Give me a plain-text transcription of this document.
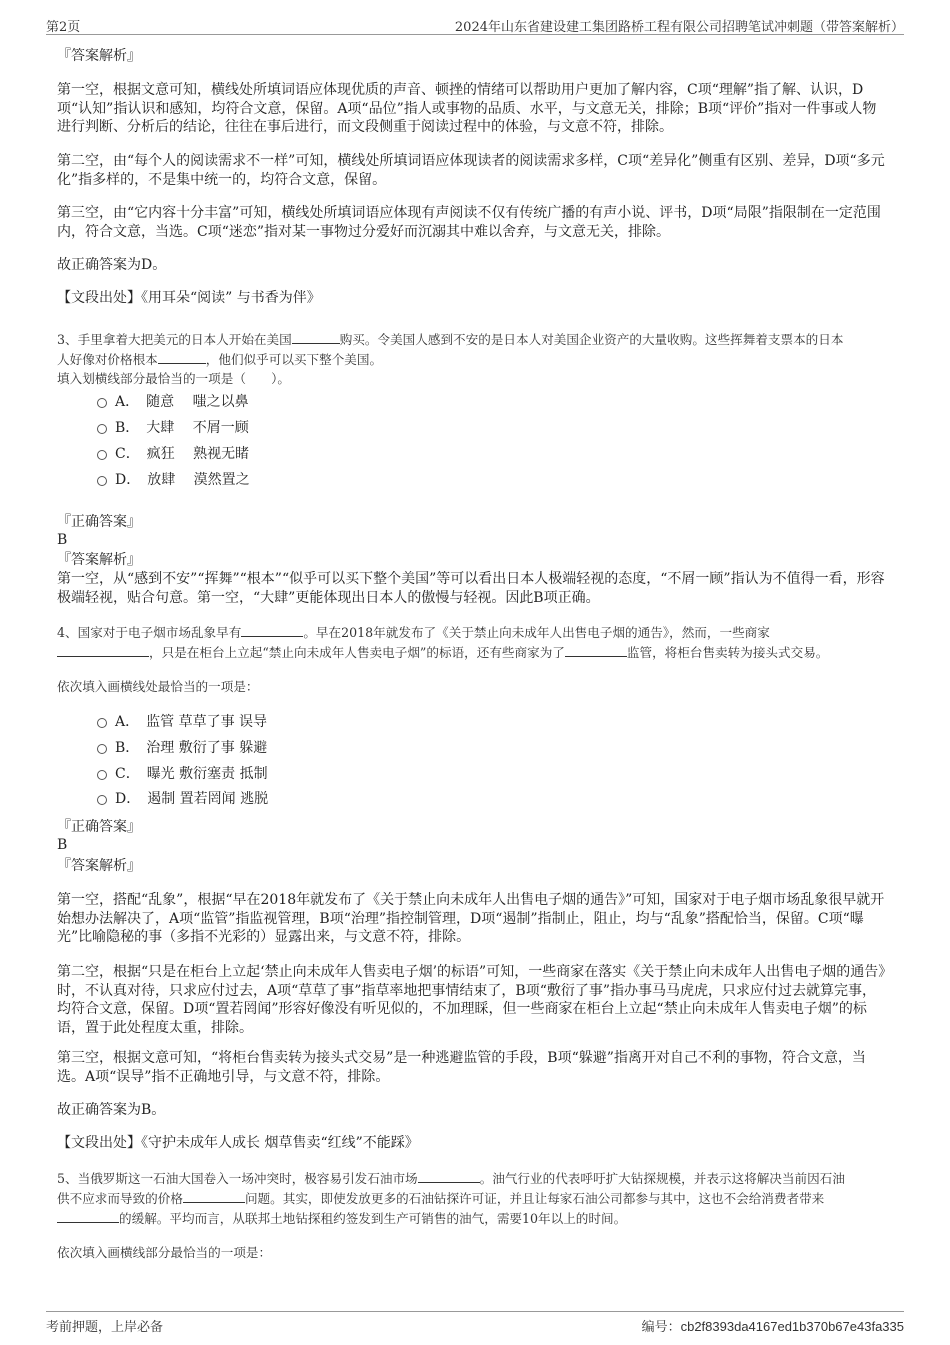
第2页	2024年山东省建设建工集团路桥工程有限公司招聘笔试冲刺题（带答案解析）
『答案解析』
第一空，根据文意可知，横线处所填词语应体现优质的声音、顿挫的情绪可以帮助用户更加了解内容，C项“理解”指了解、认识，D项“认知”指认识和感知，均符合文意，保留。A项“品位”指人或事物的品质、水平，与文意无关，排除；B项“评价”指对一件事或人物进行判断、分析后的结论，往往在事后进行，而文段侧重于阅读过程中的体验，与文意不符，排除。
第二空，由“每个人的阅读需求不一样”可知，横线处所填词语应体现读者的阅读需求多样，C项“差异化”侧重有区别、差异，D项“多元化”指多样的，不是集中统一的，均符合文意，保留。
第三空，由“它内容十分丰富”可知，横线处所填词语应体现有声阅读不仅有传统广播的有声小说、评书，D项“局限”指限制在一定范围内，符合文意，当选。C项“迷恋”指对某一事物过分爱好而沉溺其中难以舍弃，与文意无关，排除。
故正确答案为D。
【文段出处】《用耳朵“阅读” 与书香为伴》
3、手里拿着大把美元的日本人开始在美国	购买。令美国人感到不安的是日本人对美国企业资产的大量收购。这些挥舞着支票本的日本
人好像对价格根本	，他们似乎可以买下整个美国。
填入划横线部分最恰当的一项是（　　）。
A．　 随意　 嗤之以鼻
B．　 大肆　 不屑一顾
C．　 疯狂　 熟视无睹
D．　 放肆　 漠然置之
『正确答案』
B
『答案解析』
第一空，从“感到不安”“挥舞”“根本”“似乎可以买下整个美国”等可以看出日本人极端轻视的态度，“不屑一顾”指认为不值得一看，形容极端轻视，贴合句意。第一空，“大肆”更能体现出日本人的傲慢与轻视。因此B项正确。
4、国家对于电子烟市场乱象早有	。早在2018年就发布了《关于禁止向未成年人出售电子烟的通告》，然而，一些商家
，只是在柜台上立起“禁止向未成年人售卖电子烟”的标语，还有些商家为了	监管，将柜台售卖转为接头式交易。
依次填入画横线处最恰当的一项是：
A．　 监管 草草了事 误导
B．　 治理 敷衍了事 躲避
C．　 曝光 敷衍塞责 抵制
D．　 遏制 置若罔闻 逃脱
『正确答案』
B
『答案解析』
第一空，搭配“乱象”，根据“早在2018年就发布了《关于禁止向未成年人出售电子烟的通告》”可知，国家对于电子烟市场乱象很早就开始想办法解决了，A项“监管”指监视管理，B项“治理”指控制管理，D项“遏制”指制止，阻止，均与“乱象”搭配恰当，保留。C项“曝光”比喻隐秘的事（多指不光彩的）显露出来，与文意不符，排除。
第二空，根据“只是在柜台上立起‘禁止向未成年人售卖电子烟’的标语”可知，一些商家在落实《关于禁止向未成年人出售电子烟的通告》时，不认真对待，只求应付过去，A项“草草了事”指草率地把事情结束了，B项“敷衍了事”指办事马马虎虎，只求应付过去就算完事，均符合文意，保留。D项“置若罔闻”形容好像没有听见似的，不加理睬，但一些商家在柜台上立起“禁止向未成年人售卖电子烟”的标语，置于此处程度太重，排除。
第三空，根据文意可知，“将柜台售卖转为接头式交易”是一种逃避监管的手段，B项“躲避”指离开对自己不利的事物，符合文意，当选。A项“误导”指不正确地引导，与文意不符，排除。
故正确答案为B。
【文段出处】《守护未成年人成长 烟草售卖“红线”不能踩》
5、当俄罗斯这一石油大国卷入一场冲突时，极容易引发石油市场	。油气行业的代表呼吁扩大钻探规模，并表示这将解决当前因石油
供不应求而导致的价格	问题。其实，即使发放更多的石油钻探许可证，并且让每家石油公司都参与其中，这也不会给消费者带来
的缓解。平均而言，从联邦土地钻探租约签发到生产可销售的油气，需要10年以上的时间。
依次填入画横线部分最恰当的一项是：
考前押题，上岸必备	编号：cb2f8393da4167ed1b370b67e43fa335
